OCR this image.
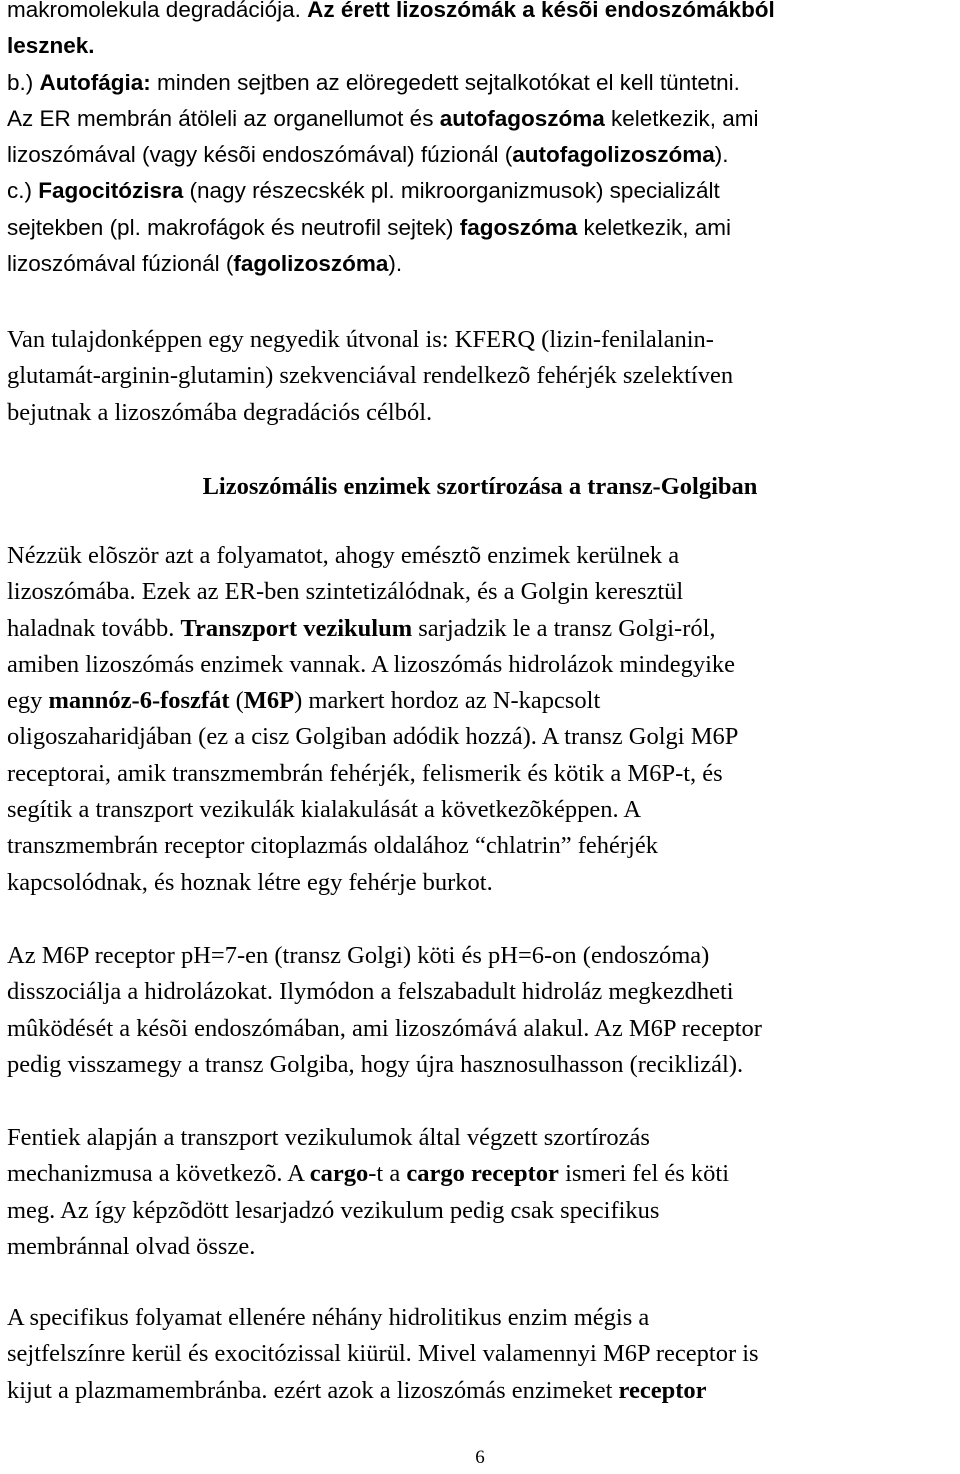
makromolekula degradációja. Az érett lizoszómák a késõi endoszómákból
lesznek.
b.) Autofágia: minden sejtben az elöregedett sejtalkotókat el kell tüntetni.
Az ER membrán átöleli az organellumot és autofagoszóma keletkezik, ami
lizoszómával (vagy késõi endoszómával) fúzionál (autofagolizoszóma).
c.) Fagocitózisra (nagy részecskék pl. mikroorganizmusok) specializált
sejtekben (pl. makrofágok és neutrofil sejtek) fagoszóma keletkezik, ami
lizoszómával fúzionál (fagolizoszóma).
Van tulajdonképpen egy negyedik útvonal is: KFERQ (lizin-fenilalanin-
glutamát-arginin-glutamin) szekvenciával rendelkezõ fehérjék szelektíven
bejutnak a lizoszómába degradációs célból.
Lizoszómális enzimek szortírozása a transz-Golgiban
Nézzük elõször azt a folyamatot, ahogy emésztõ enzimek kerülnek a
lizoszómába. Ezek az ER-ben szintetizálódnak, és a Golgin keresztül
haladnak tovább. Transzport vezikulum sarjadzik le a transz Golgi-ról,
amiben lizoszómás enzimek vannak. A lizoszómás hidrolázok mindegyike
egy mannóz-6-foszfát (M6P) markert hordoz az N-kapcsolt
oligoszaharidjában (ez a cisz Golgiban adódik hozzá). A transz Golgi M6P
receptorai, amik transzmembrán fehérjék, felismerik és kötik a M6P-t, és
segítik a transzport vezikulák kialakulását a következõképpen. A
transzmembrán receptor citoplazmás oldalához “chlatrin” fehérjék
kapcsolódnak, és hoznak létre egy fehérje burkot.
Az M6P receptor pH=7-en (transz Golgi) köti és pH=6-on (endoszóma)
disszociálja a hidrolázokat. Ilymódon a felszabadult hidroláz megkezdheti
mûködését a késõi endoszómában, ami lizoszómává alakul. Az M6P receptor
pedig visszamegy a transz Golgiba, hogy újra hasznosulhasson (reciklizál).
Fentiek alapján a transzport vezikulumok által végzett szortírozás
mechanizmusa a következõ. A cargo-t a cargo receptor ismeri fel és köti
meg. Az így képzõdött lesarjadzó vezikulum pedig csak specifikus
membránnal olvad össze.
A specifikus folyamat ellenére néhány hidrolitikus enzim mégis a
sejtfelszínre kerül és exocitózissal kiürül. Mivel valamennyi M6P receptor is
kijut a plazmamembránba. ezért azok a lizoszómás enzimeket receptor
6
